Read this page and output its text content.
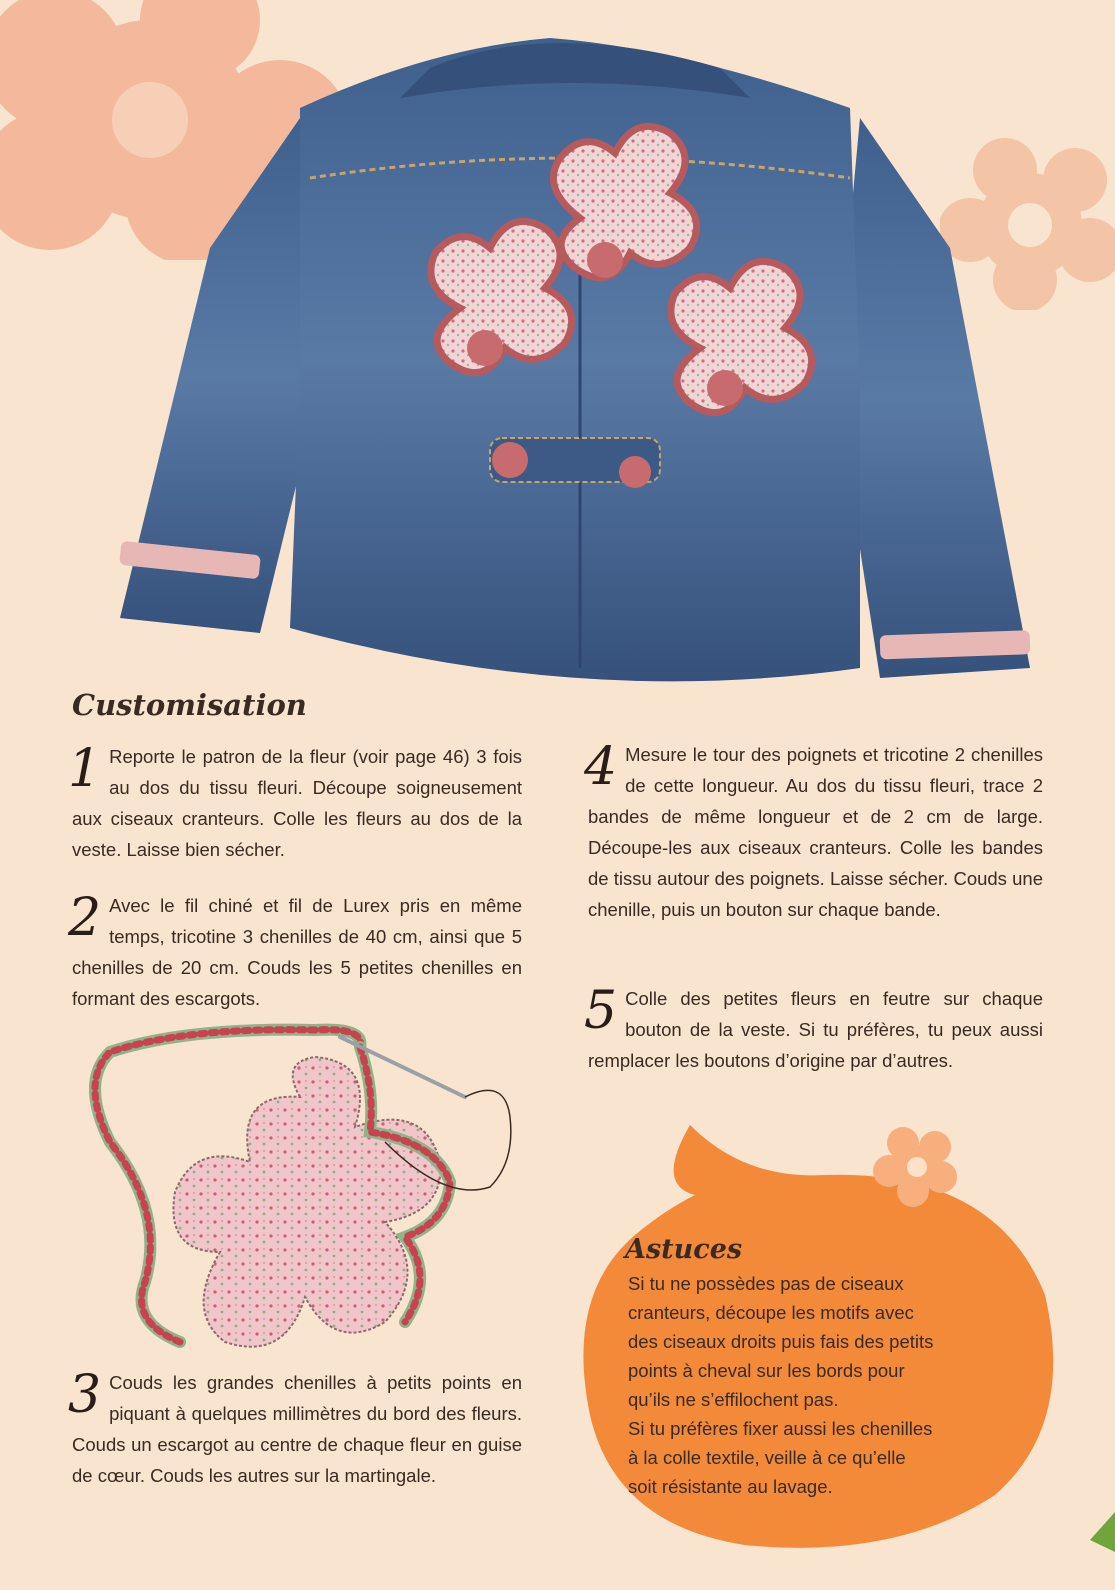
Customisation
1 Reporte le patron de la fleur (voir page 46) 3 fois au dos du tissu fleuri. Découpe soigneusement aux ciseaux cranteurs. Colle les fleurs au dos de la veste. Laisse bien sécher.

2 Avec le fil chiné et fil de Lurex pris en même temps, tricotine 3 chenilles de 40 cm, ainsi que 5 chenilles de 20 cm. Couds les 5 petites chenilles en formant des escargots.

3 Couds les grandes chenilles à petits points en piquant à quelques millimètres du bord des fleurs. Couds un escargot au centre de chaque fleur en guise de cœur. Couds les autres sur la martingale.

4 Mesure le tour des poignets et tricotine 2 chenilles de cette longueur. Au dos du tissu fleuri, trace 2 bandes de même longueur et de 2 cm de large. Découpe-les aux ciseaux cranteurs. Colle les bandes de tissu autour des poignets. Laisse sécher. Couds une chenille, puis un bouton sur chaque bande.

5 Colle des petites fleurs en feutre sur chaque bouton de la veste. Si tu préfères, tu peux aussi remplacer les boutons d’origine par d’autres.

Astuces

Si tu ne possèdes pas de ciseaux
cranteurs, découpe les motifs avec
des ciseaux droits puis fais des petits
points à cheval sur les bords pour
qu’ils ne s’effilochent pas.
Si tu préfères fixer aussi les chenilles
à la colle textile, veille à ce qu’elle
soit résistante au lavage.
